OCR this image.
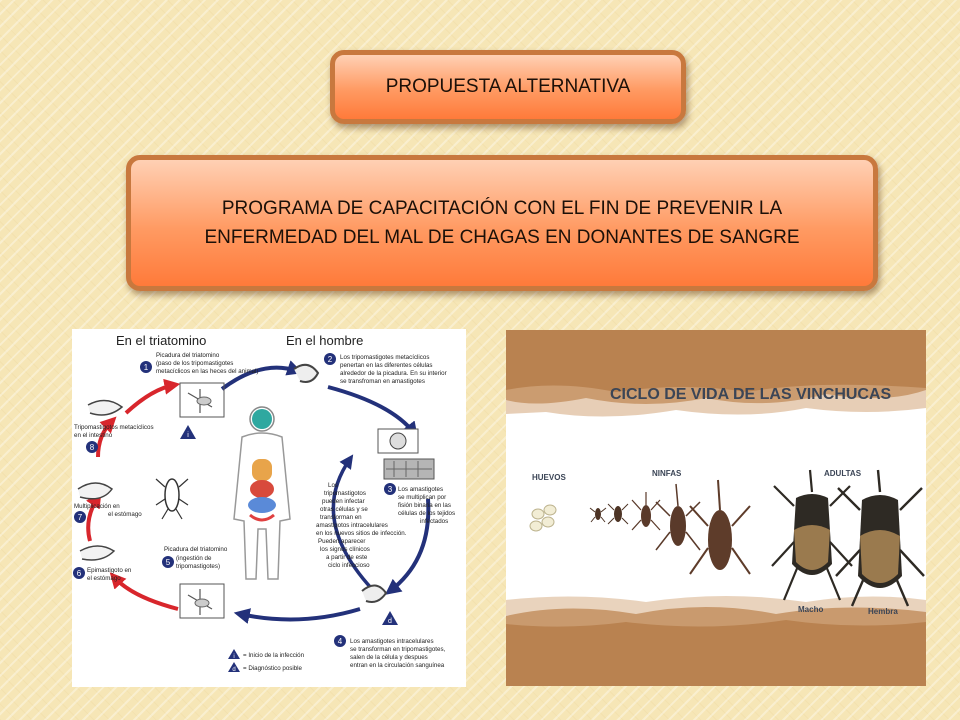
PROPUESTA ALTERNATIVA
PROGRAMA DE CAPACITACIÓN CON EL FIN DE PREVENIR LA
ENFERMEDAD DEL MAL DE CHAGAS EN DONANTES DE SANGRE
En el triatomino	En el hombre
1
2
3
4
5
6
7
8
i
d
Picadura del triatomino (paso de los tripomastigotes metacíclicos en las heces del animal)
Los tripomastigotes metacíclicos penertan en las diferentes células alrededor de la picadura. En su interior se transfroman en amastigotes
Los amastigotes se multiplican por fisión binaria en las células de los tejidos infectados
Los amastigotes intracelulares se transforman en tripomastigotes, salen de la célula y despues entran en la circulación sanguínea
Picadura del triatomino (ingestión de tripomastigotes)
Epimastigoto en el estómago
Multiplicación en el estómago
Tripomastigotos metacíclicos en el intestino
Los tripomastigotos pueden infectar otras células y se transforman en amastigotos intracelulares en los nuevos sitios de infección. Pueden aparecer los signos clínicos a partir de este ciclo infeccioso
i = Inicio de la infección
d = Diagnóstico posible
CICLO DE VIDA DE LAS VINCHUCAS
HUEVOS	NINFAS	ADULTAS
Macho	Hembra
